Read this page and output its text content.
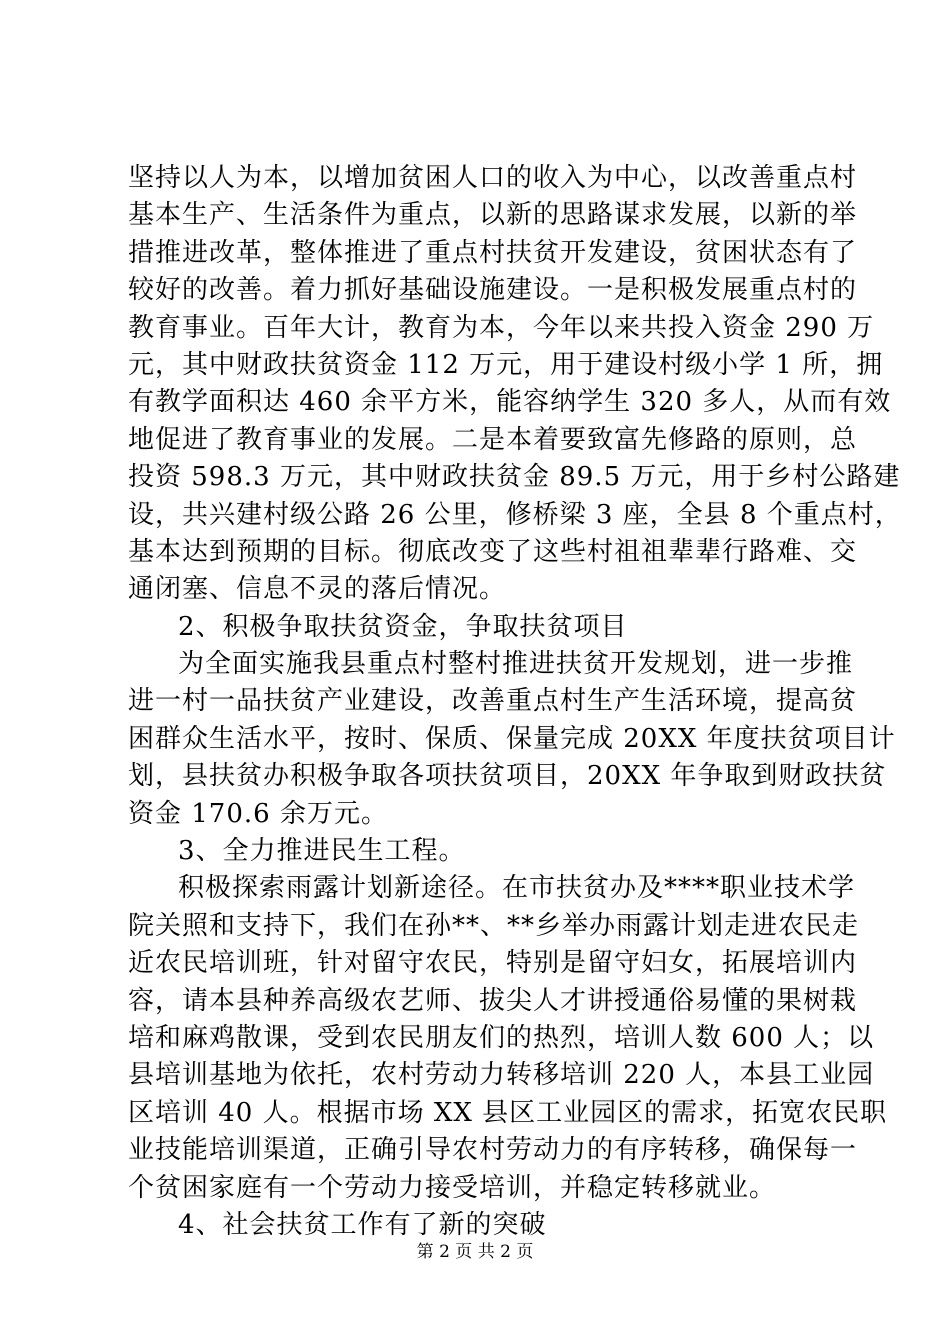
坚持以人为本，以增加贫困人口的收入为中心，以改善重点村
基本生产、生活条件为重点，以新的思路谋求发展，以新的举
措推进改革，整体推进了重点村扶贫开发建设，贫困状态有了
较好的改善。着力抓好基础设施建设。一是积极发展重点村的
教育事业。百年大计，教育为本，今年以来共投入资金 290 万
元，其中财政扶贫资金 112 万元，用于建设村级小学 1 所，拥
有教学面积达 460 余平方米，能容纳学生 320 多人，从而有效
地促进了教育事业的发展。二是本着要致富先修路的原则，总
投资 598.3 万元，其中财政扶贫金 89.5 万元，用于乡村公路建
设，共兴建村级公路 26 公里，修桥梁 3 座，全县 8 个重点村，
基本达到预期的目标。彻底改变了这些村祖祖辈辈行路难、交
通闭塞、信息不灵的落后情况。
2、积极争取扶贫资金，争取扶贫项目
为全面实施我县重点村整村推进扶贫开发规划，进一步推
进一村一品扶贫产业建设，改善重点村生产生活环境，提高贫
困群众生活水平，按时、保质、保量完成 20XX 年度扶贫项目计
划，县扶贫办积极争取各项扶贫项目，20XX 年争取到财政扶贫
资金 170.6 余万元。
3、全力推进民生工程。
积极探索雨露计划新途径。在市扶贫办及****职业技术学
院关照和支持下，我们在孙**、**乡举办雨露计划走进农民走
近农民培训班，针对留守农民，特别是留守妇女，拓展培训内
容，请本县种养高级农艺师、拔尖人才讲授通俗易懂的果树栽
培和麻鸡散课，受到农民朋友们的热烈，培训人数 600 人；以
县培训基地为依托，农村劳动力转移培训 220 人，本县工业园
区培训 40 人。根据市场 XX 县区工业园区的需求，拓宽农民职
业技能培训渠道，正确引导农村劳动力的有序转移，确保每一
个贫困家庭有一个劳动力接受培训，并稳定转移就业。
4、社会扶贫工作有了新的突破
第 2 页 共 2 页
